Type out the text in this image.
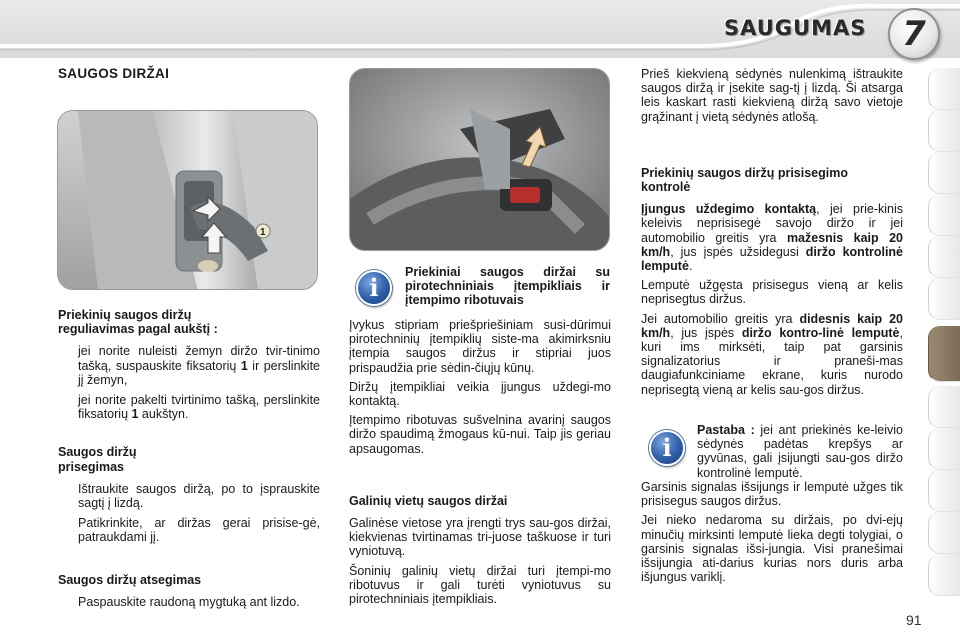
SAUGUMAS	7
SAUGOS DIRŽAI
1
Priekinių saugos diržų
reguliavimas pagal aukštį :
jei norite nuleisti žemyn diržo tvir-tinimo tašką, suspauskite fiksatorių 1 ir perslinkite jį žemyn,
jei norite pakelti tvirtinimo tašką, perslinkite fiksatorių 1 aukštyn.
Saugos diržų
prisegimas
Ištraukite saugos diržą, po to įsprauskite sagtį į lizdą.
Patikrinkite, ar diržas gerai prisise-gė, patraukdami jį.
Saugos diržų atsegimas
Paspauskite raudoną mygtuką ant lizdo.
i
Priekiniai saugos diržai su pirotechniniais įtempikliais ir įtempimo ribotuvais

Įvykus stipriam priešpriešiniam susi-dūrimui pirotechninių įtempiklių siste-ma akimirksniu įtempia saugos diržus ir stipriai juos prispaudžia prie sėdin-čiųjų kūnų.

Diržų įtempikliai veikia įjungus uždegi-mo kontaktą.

Įtempimo ribotuvas sušvelnina avarinį saugos diržo spaudimą žmogaus kū-nui. Taip jis geriau apsaugomas.

Galinių vietų saugos diržai

Galinėse vietose yra įrengti trys sau-gos diržai, kiekvienas tvirtinamas tri-juose taškuose ir turi vyniotuvą.

Šoninių galinių vietų diržai turi įtempi-mo ribotuvus ir gali turėti vyniotuvus su pirotechniniais įtempikliais.

Prieš kiekvieną sėdynės nulenkimą ištraukite saugos diržą ir įsekite sag-tį į lizdą. Ši atsarga leis kaskart rasti kiekvieną diržą savo vietoje grąžinant į vietą sėdynės atlošą.

Priekinių saugos diržų prisisegimo kontrolė

Įjungus uždegimo kontaktą, jei prie-kinis keleivis neprisisegė savojo diržo ir jei automobilio greitis yra mažesnis kaip 20 km/h, jus įspės užsidegusi diržo kontrolinė lemputė.

Lemputė užgęsta prisisegus vieną ar kelis neprisegtus diržus.

Jei automobilio greitis yra didesnis kaip 20 km/h, jus įspės diržo kontro-linė lemputė, kuri ims mirksėti, taip pat garsinis signalizatorius ir praneši-mas daugiafunkciniame ekrane, kuris nurodo neprisegtą vieną ar kelis sau-gos diržus.

i

Pastaba : jei ant priekinės ke-leivio sėdynės padėtas krepšys ar gyvūnas, gali įsijungti sau-gos diržo kontrolinė lemputė.

Garsinis signalas išsijungs ir lemputė užges tik prisisegus saugos diržus.

Jei nieko nedaroma su diržais, po dvi-ejų minučių mirksinti lemputė lieka degti tolygiai, o garsinis signalas išsi-jungia. Visi pranešimai išsijungia ati-darius kurias nors duris arba išjungus variklį.

91
